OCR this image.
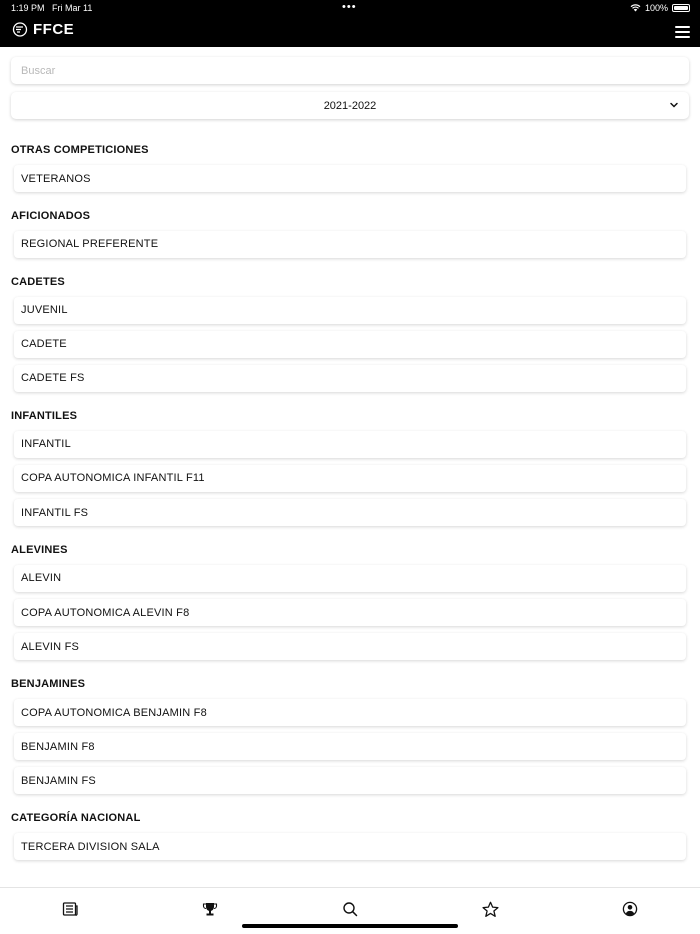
1:19 PM Fri Mar 11	•••	100%
FFCE
Buscar
2021-2022
OTRAS COMPETICIONES
VETERANOS
AFICIONADOS
REGIONAL PREFERENTE
CADETES
JUVENIL
CADETE
CADETE FS
INFANTILES
INFANTIL
COPA AUTONOMICA INFANTIL F11
INFANTIL FS
ALEVINES
ALEVIN
COPA AUTONOMICA ALEVIN F8
ALEVIN FS
BENJAMINES
COPA AUTONOMICA BENJAMIN F8
BENJAMIN F8
BENJAMIN FS
CATEGORÍA NACIONAL
TERCERA DIVISION SALA
